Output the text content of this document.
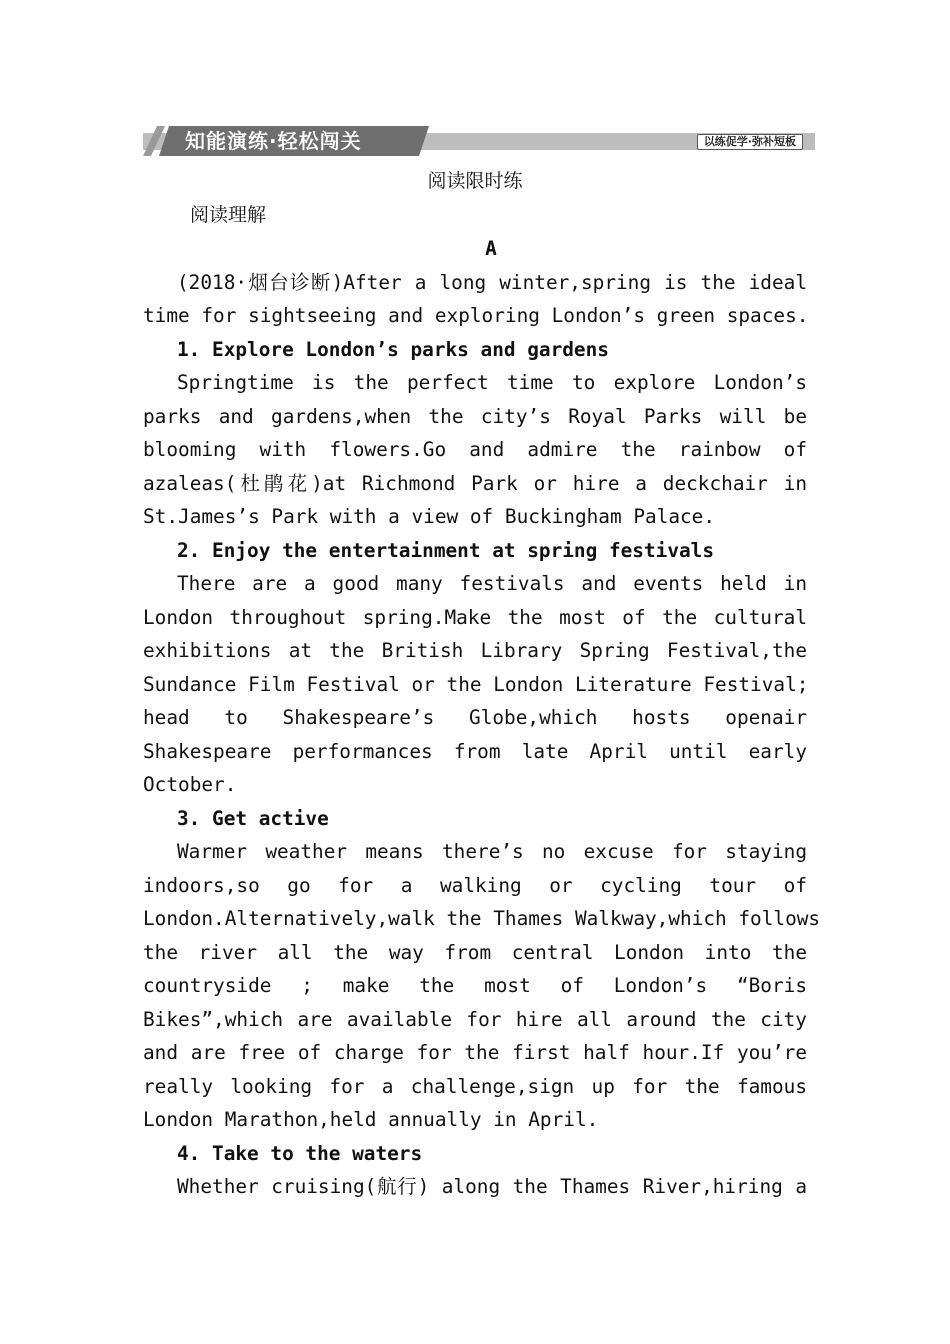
知能演练·轻松闯关	以练促学·弥补短板
阅读限时练
阅读理解
A
(2018·烟台诊断)After a long winter,spring is the ideal
time for sightseeing and exploring London’s green spaces.
1. Explore London’s parks and gardens
Springtime is the perfect time to explore London’s
parks and gardens,when the city’s Royal Parks will be
blooming with flowers.Go and admire the rainbow of
azaleas(杜鹃花)at Richmond Park or hire a deckchair in
St.James’s Park with a view of Buckingham Palace.
2. Enjoy the entertainment at spring festivals
There are a good many festivals and events held in
London throughout spring.Make the most of the cultural
exhibitions at the British Library Spring Festival,the
Sundance Film Festival or the London Literature Festival;
head to Shakespeare’s Globe,which hosts openair
Shakespeare performances from late April until early
October.
3. Get active
Warmer weather means there’s no excuse for staying
indoors,so go for a walking or cycling tour of
London.Alternatively,walk the Thames Walkway,which follows
the river all the way from central London into the
countryside ; make the most of London’s “Boris
Bikes”,which are available for hire all around the city
and are free of charge for the first half hour.If you’re
really looking for a challenge,sign up for the famous
London Marathon,held annually in April.
4. Take to the waters
Whether cruising(航行) along the Thames River,hiring a
